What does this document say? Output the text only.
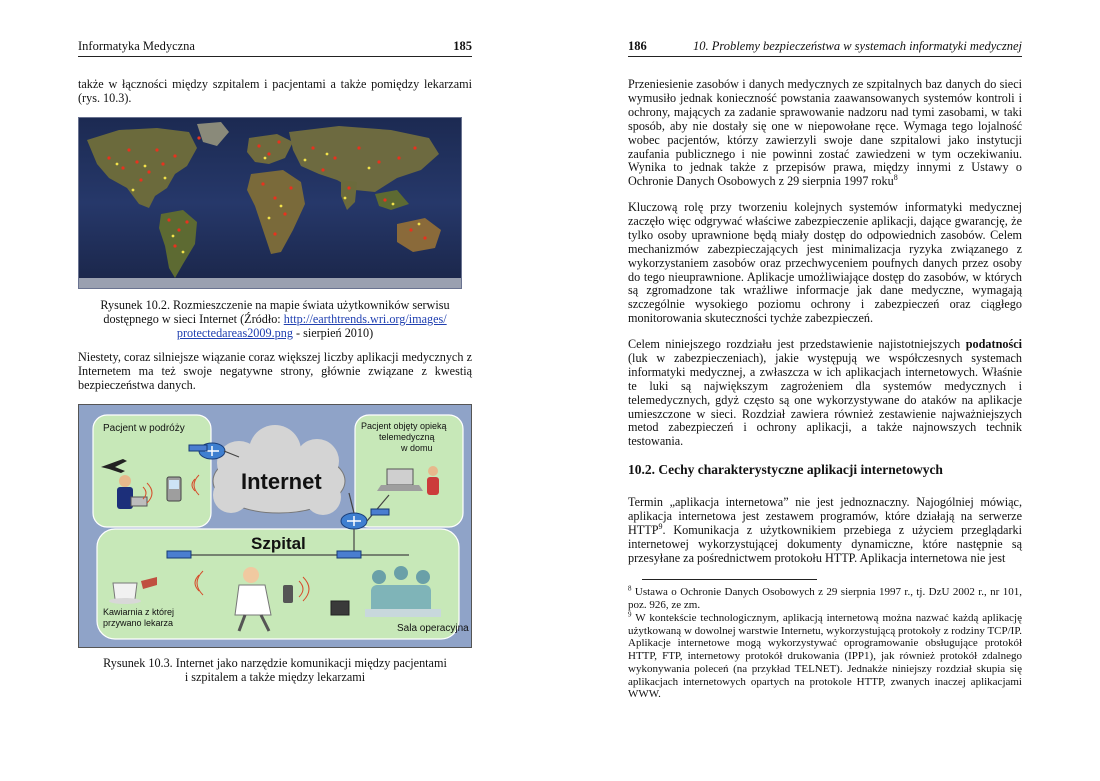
Informatyka Medyczna	185

także w łączności między szpitalem i pacjentami a także pomiędzy lekarzami (rys. 10.3).

Rysunek 10.2. Rozmieszczenie na mapie świata użytkowników serwisu
dostępnego w sieci Internet (Źródło: http://earthtrends.wri.org/images/
protectedareas2009.png - sierpień 2010)

Niestety, coraz silniejsze wiązanie coraz większej liczby aplikacji medycznych z Internetem ma też swoje negatywne strony, głównie związane z kwestią bezpieczeństwa danych.

Pacjent w podróży	Pacjent objęty opieką
telemedyczną
w domu
Internet
Szpital
Kawiarnia z której
przywano lekarza	Sala operacyjna
Rysunek 10.3. Internet jako narzędzie komunikacji między pacjentami
i szpitalem a także między lekarzami
186	10. Problemy bezpieczeństwa w systemach informatyki medycznej

Przeniesienie zasobów i danych medycznych ze szpitalnych baz danych do sieci wymusiło jednak konieczność powstania zaawansowanych systemów kontroli i ochrony, mających za zadanie sprawowanie nadzoru nad tymi zasobami, w taki sposób, aby nie dostały się one w niepowołane ręce. Wymaga tego lojalność wobec pacjentów, którzy zawierzyli swoje dane szpitalowi jako instytucji zaufania publicznego i nie powinni zostać zawiedzeni w tym oczekiwaniu. Wynika to jednak także z przepisów prawa, między innymi z Ustawy o Ochronie Danych Osobowych z 29 sierpnia 1997 roku$^8$

Kluczową rolę przy tworzeniu kolejnych systemów informatyki medycznej zaczęło więc odgrywać właściwe zabezpieczenie aplikacji, dające gwarancję, że tylko osoby uprawnione będą miały dostęp do odpowiednich zasobów. Celem mechanizmów zabezpieczających jest minimalizacja ryzyka związanego z wykorzystaniem zasobów oraz przechwyceniem poufnych danych przez osoby do tego nieuprawnione. Aplikacje umożliwiające dostęp do zasobów, w których są zgromadzone tak wrażliwe informacje jak dane medyczne, wymagają szczególnie wysokiego poziomu ochrony i zabezpieczeń oraz ciągłego monitorowania skuteczności tychże zabezpieczeń.

Celem niniejszego rozdziału jest przedstawienie najistotniejszych podatności (luk w zabezpieczeniach), jakie występują we współczesnych systemach informatyki medycznej, a zwłaszcza w ich aplikacjach internetowych. Właśnie te luki są największym zagrożeniem dla systemów medycznych i telemedycznych, gdyż często są one wykorzystywane do ataków na aplikacje umieszczone w sieci. Rozdział zawiera również zestawienie najważniejszych metod zabezpieczeń i ochrony aplikacji, a także najnowszych technik testowania.

10.2. Cechy charakterystyczne aplikacji internetowych

Termin „aplikacja internetowa” nie jest jednoznaczny. Najogólniej mówiąc, aplikacja internetowa jest zestawem programów, które działają na serwerze HTTP$^9$. Komunikacja z użytkownikiem przebiega z użyciem przeglądarki internetowej wykorzystującej dokumenty dynamiczne, które następnie są przesyłane za pośrednictwem protokołu HTTP. Aplikacja internetowa nie jest

$^8$ Ustawa o Ochronie Danych Osobowych z 29 sierpnia 1997 r., tj. DzU 2002 r., nr 101, poz. 926, ze zm.
$^9$ W kontekście technologicznym, aplikacją internetową można nazwać każdą aplikację użytkowaną w dowolnej warstwie Internetu, wykorzystującą protokoły z rodziny TCP/IP. Aplikacje internetowe mogą wykorzystywać oprogramowanie obsługujące protokół HTTP, FTP, internetowy protokół drukowania (IPP1), jak również protokół zdalnego wykonywania poleceń (na przykład TELNET). Jednakże niniejszy rozdział skupia się aplikacjach internetowych opartych na protokole HTTP, zwanych inaczej aplikacjami WWW.
